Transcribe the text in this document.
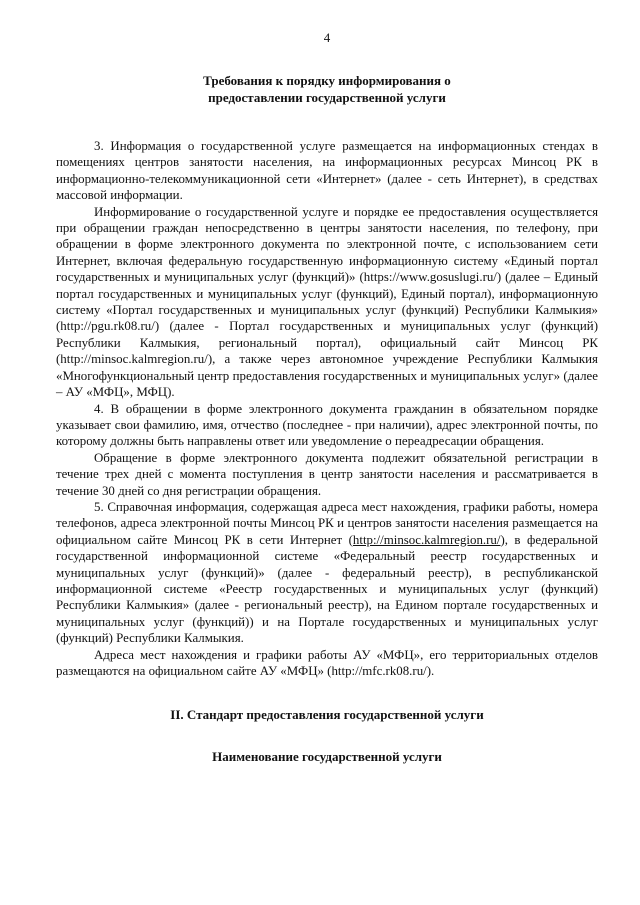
4
Требования к порядку информирования о
предоставлении государственной услуги

3. Информация о государственной услуге размещается на информационных стендах в помещениях центров занятости населения, на информационных ресурсах Минсоц РК в информационно-телекоммуникационной сети «Интернет» (далее - сеть Интернет), в средствах массовой информации.

Информирование о государственной услуге и порядке ее предоставления осуществляется при обращении граждан непосредственно в центры занятости населения, по телефону, при обращении в форме электронного документа по электронной почте, с использованием сети Интернет, включая федеральную государственную информационную систему «Единый портал государственных и муниципальных услуг (функций)» (https://www.gosuslugi.ru/) (далее – Единый портал государственных и муниципальных услуг (функций), Единый портал), информационную систему «Портал государственных и муниципальных услуг (функций) Республики Калмыкия» (http://pgu.rk08.ru/) (далее - Портал государственных и муниципальных услуг (функций) Республики Калмыкия, региональный портал), официальный сайт Минсоц РК (http://minsoc.kalmregion.ru/), а также через автономное учреждение Республики Калмыкия «Многофункциональный центр предоставления государственных и муниципальных услуг» (далее – АУ «МФЦ», МФЦ).

4. В обращении в форме электронного документа гражданин в обязательном порядке указывает свои фамилию, имя, отчество (последнее - при наличии), адрес электронной почты, по которому должны быть направлены ответ или уведомление о переадресации обращения.

Обращение в форме электронного документа подлежит обязательной регистрации в течение трех дней с момента поступления в центр занятости населения и рассматривается в течение 30 дней со дня регистрации обращения.

5. Справочная информация, содержащая адреса мест нахождения, графики работы, номера телефонов, адреса электронной почты Минсоц РК и центров занятости населения размещается на официальном сайте Минсоц РК в сети Интернет (http://minsoc.kalmregion.ru/), в федеральной государственной информационной системе «Федеральный реестр государственных и муниципальных услуг (функций)» (далее - федеральный реестр), в республиканской информационной системе «Реестр государственных и муниципальных услуг (функций) Республики Калмыкия» (далее - региональный реестр), на Едином портале государственных и муниципальных услуг (функций)) и на Портале государственных и муниципальных услуг (функций) Республики Калмыкия.

Адреса мест нахождения и графики работы АУ «МФЦ», его территориальных отделов размещаются на официальном сайте АУ «МФЦ» (http://mfc.rk08.ru/).

II. Стандарт предоставления государственной услуги
Наименование государственной услуги
